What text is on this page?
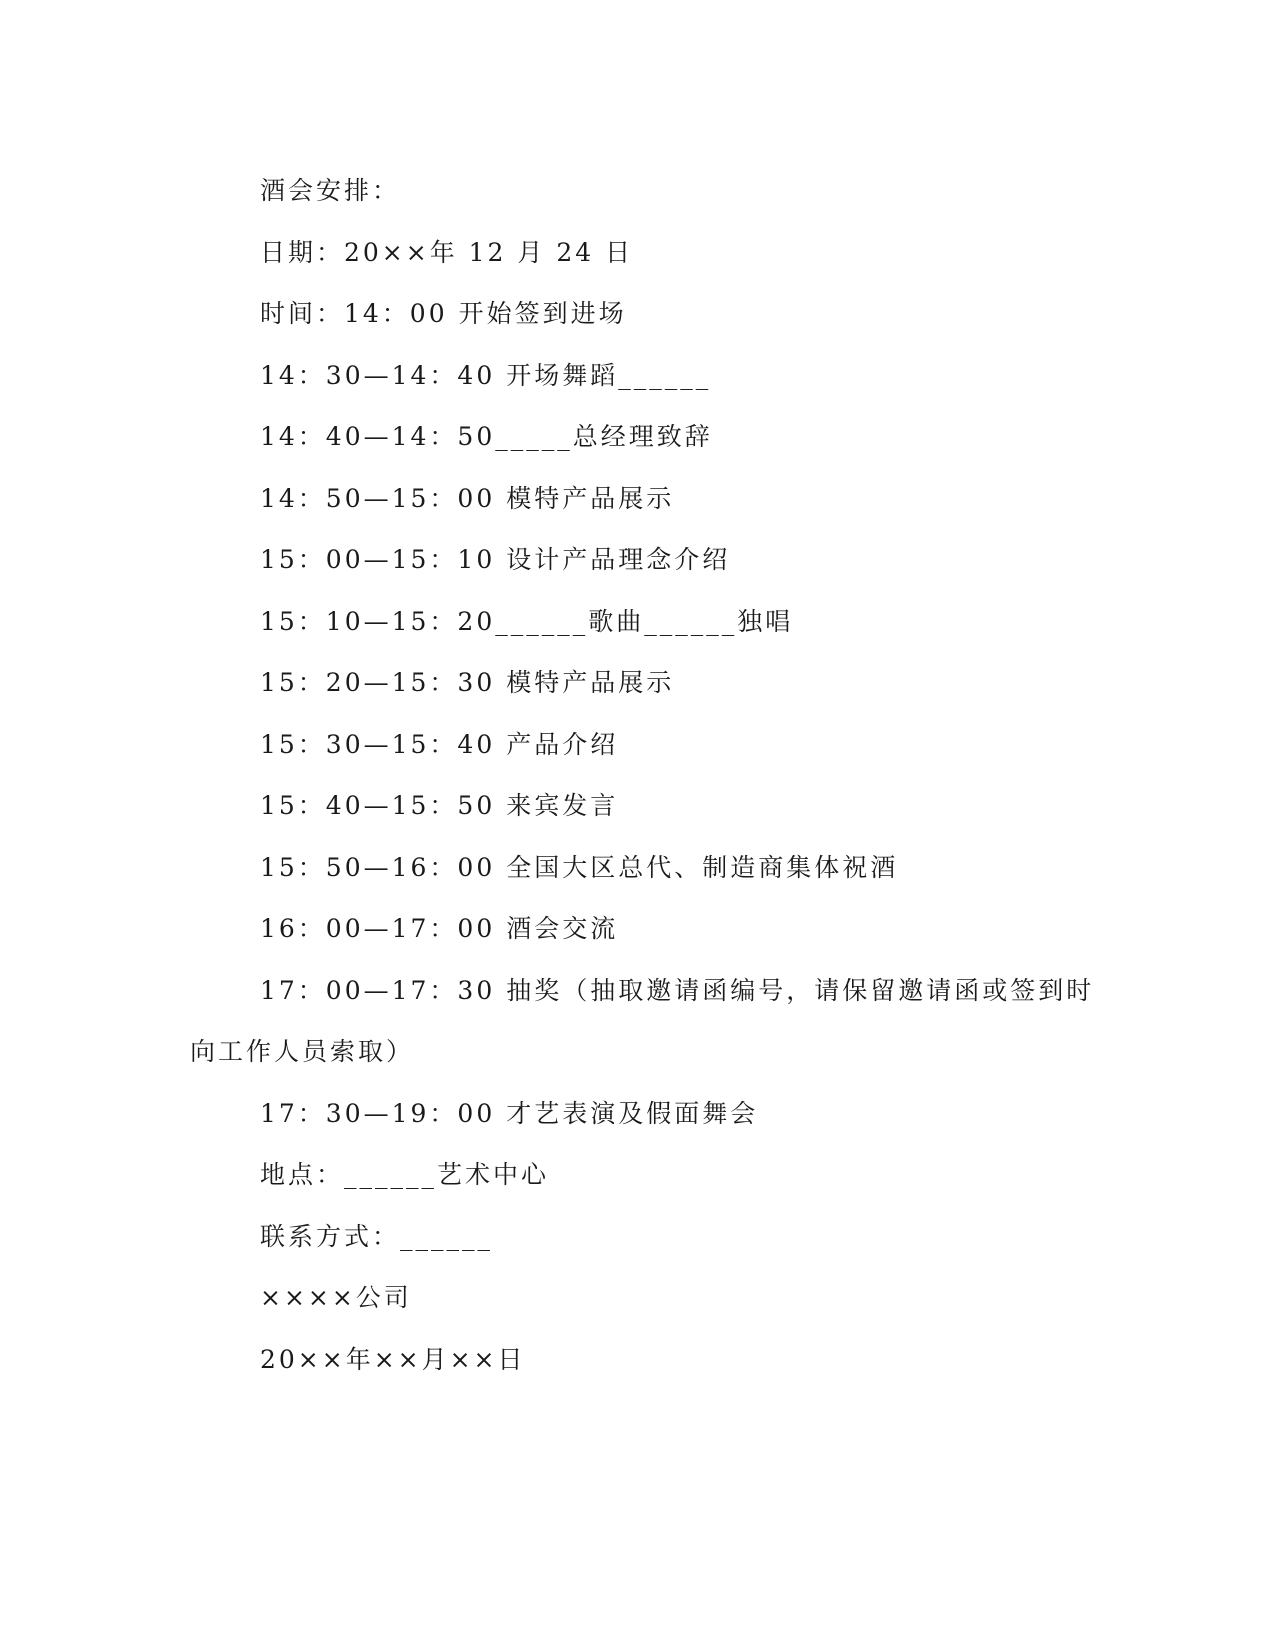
酒会安排：
日期：20××年 12 月 24 日
时间：14：00 开始签到进场
14：30—14：40 开场舞蹈______
14：40—14：50_____总经理致辞
14：50—15：00 模特产品展示
15：00—15：10 设计产品理念介绍
15：10—15：20______歌曲______独唱
15：20—15：30 模特产品展示
15：30—15：40 产品介绍
15：40—15：50 来宾发言
15：50—16：00 全国大区总代、制造商集体祝酒
16：00—17：00 酒会交流
17：00—17：30 抽奖（抽取邀请函编号，请保留邀请函或签到时
向工作人员索取）
17：30—19：00 才艺表演及假面舞会
地点：______艺术中心
联系方式：______
××××公司
20××年××月××日
